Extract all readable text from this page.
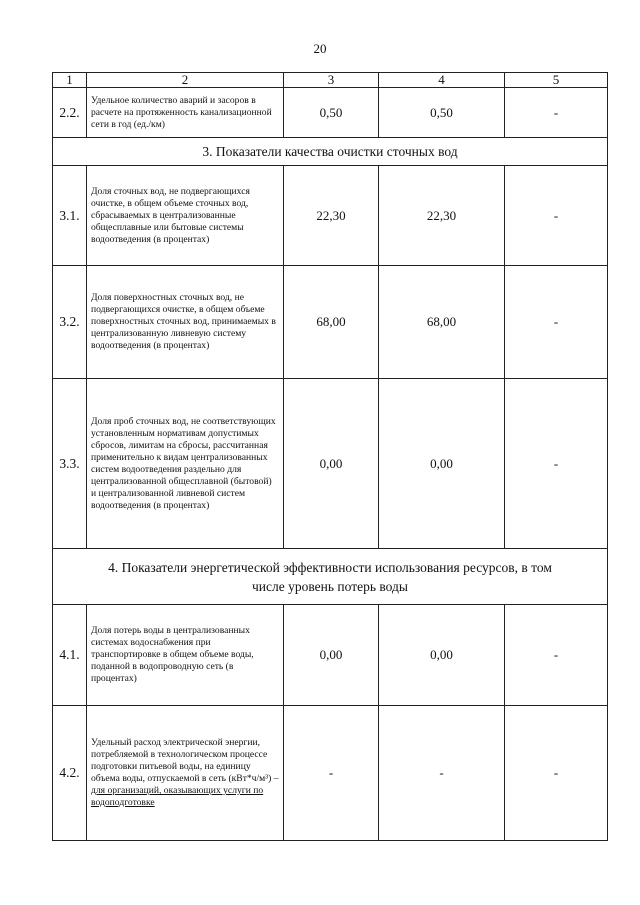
20
1	2	3	4	5
2.2.	Удельное количество аварий и засоров в расчете на протяженность канализационной сети в год (ед./км)	0,50	0,50	-
3. Показатели качества очистки сточных вод				
3.1.	Доля сточных вод, не подвергающихся очистке, в общем объеме сточных вод, сбрасываемых в централизованные общесплавные или бытовые системы водоотведения (в процентах)	22,30	22,30	-
3.2.	Доля поверхностных сточных вод, не подвергающихся очистке, в общем объеме поверхностных сточных вод, принимаемых в централизованную ливневую систему водоотведения (в процентах)	68,00	68,00	-
3.3.	Доля проб сточных вод, не соответствующих установленным нормативам допустимых сбросов, лимитам на сбросы, рассчитанная применительно к видам централизованных систем водоотведения раздельно для централизованной общесплавной (бытовой) и централизованной ливневой систем водоотведения (в процентах)	0,00	0,00	-

4. Показатели энергетической эффективности использования ресурсов, в том
числе уровень потерь воды				

4.1.	Доля потерь воды в централизованных системах водоснабжения при транспортировке в общем объеме воды, поданной в водопроводную сеть (в процентах)	0,00	0,00	-
4.2.	Удельный расход электрической энергии, потребляемой в технологическом процессе подготовки питьевой воды, на единицу объема воды, отпускаемой в сеть (кВт*ч/м³) – для организаций, оказывающих услуги по водоподготовке	-	-	-
